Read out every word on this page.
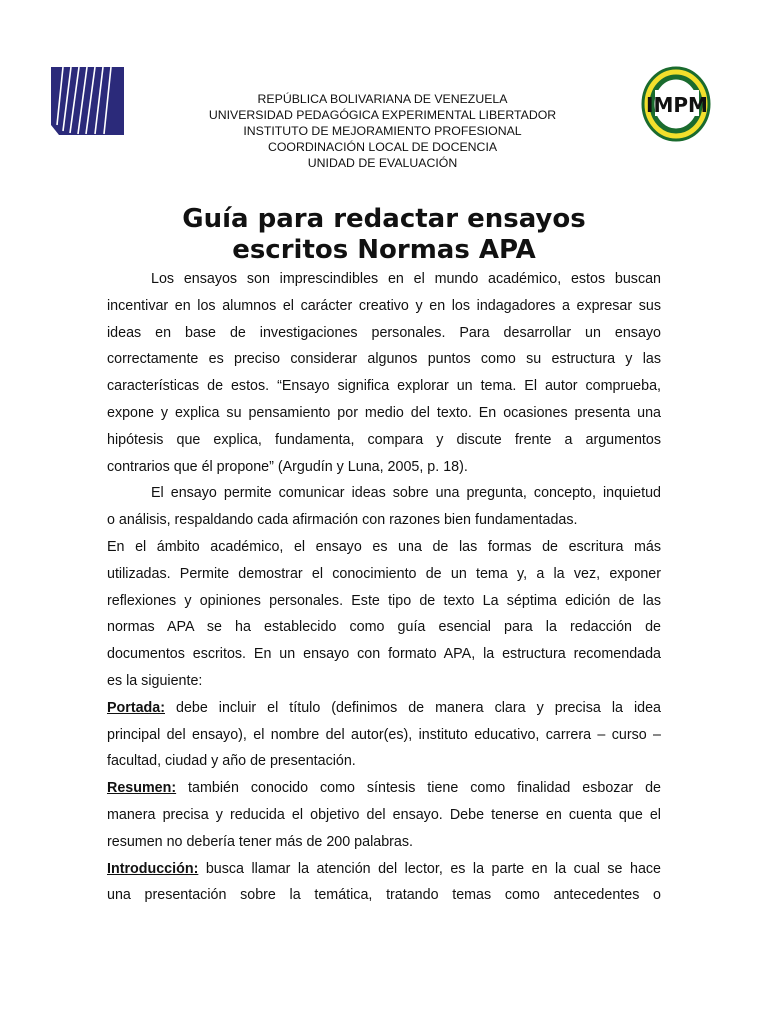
IMPM
REPÚBLICA BOLIVARIANA DE VENEZUELA
UNIVERSIDAD PEDAGÓGICA EXPERIMENTAL LIBERTADOR
INSTITUTO DE MEJORAMIENTO PROFESIONAL
COORDINACIÓN LOCAL DE DOCENCIA
UNIDAD DE EVALUACIÓN
Guía para redactar ensayos
escritos Normas APA
Los ensayos son imprescindibles en el mundo académico, estos buscan
incentivar en los alumnos el carácter creativo y en los indagadores a expresar sus
ideas en base de investigaciones personales. Para desarrollar un ensayo
correctamente es preciso considerar algunos puntos como su estructura y las
características de estos. “Ensayo significa explorar un tema. El autor comprueba,
expone y explica su pensamiento por medio del texto. En ocasiones presenta una
hipótesis que explica, fundamenta, compara y discute frente a argumentos
contrarios que él propone” (Argudín y Luna, 2005, p. 18).
El ensayo permite comunicar ideas sobre una pregunta, concepto, inquietud
o análisis, respaldando cada afirmación con razones bien fundamentadas.
En el ámbito académico, el ensayo es una de las formas de escritura más
utilizadas. Permite demostrar el conocimiento de un tema y, a la vez, exponer
reflexiones y opiniones personales. Este tipo de texto La séptima edición de las
normas APA se ha establecido como guía esencial para la redacción de
documentos escritos. En un ensayo con formato APA, la estructura recomendada
es la siguiente:
Portada: debe incluir el título (definimos de manera clara y precisa la idea
principal del ensayo), el nombre del autor(es), instituto educativo, carrera – curso –
facultad, ciudad y año de presentación.
Resumen: también conocido como síntesis tiene como finalidad esbozar de
manera precisa y reducida el objetivo del ensayo. Debe tenerse en cuenta que el
resumen no debería tener más de 200 palabras.
Introducción: busca llamar la atención del lector, es la parte en la cual se hace
una presentación sobre la temática, tratando temas como antecedentes o
